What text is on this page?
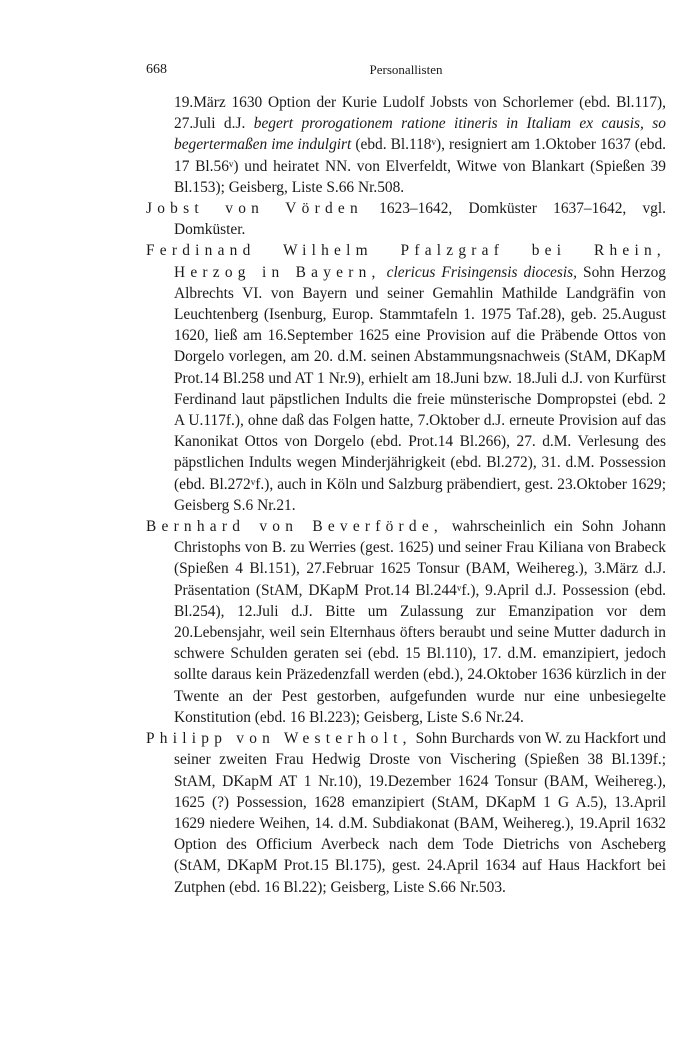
668	Personallisten

19.März 1630 Option der Kurie Ludolf Jobsts von Schorlemer (ebd. Bl.117), 27.Juli d.J. begert prorogationem ratione itineris in Italiam ex causis, so begertermaßen ime indulgirt (ebd. Bl.118ᵛ), resigniert am 1.Oktober 1637 (ebd. 17 Bl.56ᵛ) und heiratet NN. von Elverfeldt, Witwe von Blankart (Spießen 39 Bl.153); Geisberg, Liste S.66 Nr.508.

Jobst von Vörden 1623–1642, Domküster 1637–1642, vgl. Domküster.

Ferdinand Wilhelm Pfalzgraf bei Rhein, Herzog in Bayern, clericus Frisingensis diocesis, Sohn Herzog Albrechts VI. von Bayern und seiner Gemahlin Mathilde Landgräfin von Leuchtenberg (Isenburg, Europ. Stammtafeln 1. 1975 Taf.28), geb. 25.August 1620, ließ am 16.September 1625 eine Provision auf die Präbende Ottos von Dorgelo vorlegen, am 20. d.M. seinen Abstammungsnachweis (StAM, DKapM Prot.14 Bl.258 und AT 1 Nr.9), erhielt am 18.Juni bzw. 18.Juli d.J. von Kurfürst Ferdinand laut päpstlichen Indults die freie münsterische Dompropstei (ebd. 2 A U.117f.), ohne daß das Folgen hatte, 7.Oktober d.J. erneute Provision auf das Kanonikat Ottos von Dorgelo (ebd. Prot.14 Bl.266), 27. d.M. Verlesung des päpstlichen Indults wegen Minderjährigkeit (ebd. Bl.272), 31. d.M. Possession (ebd. Bl.272ᵛf.), auch in Köln und Salzburg präbendiert, gest. 23.Oktober 1629; Geisberg S.6 Nr.21.

Bernhard von Beverförde, wahrscheinlich ein Sohn Johann Christophs von B. zu Werries (gest. 1625) und seiner Frau Kiliana von Brabeck (Spießen 4 Bl.151), 27.Februar 1625 Tonsur (BAM, Weihereg.), 3.März d.J. Präsentation (StAM, DKapM Prot.14 Bl.244ᵛf.), 9.April d.J. Possession (ebd. Bl.254), 12.Juli d.J. Bitte um Zulassung zur Emanzipation vor dem 20.Lebensjahr, weil sein Elternhaus öfters beraubt und seine Mutter dadurch in schwere Schulden geraten sei (ebd. 15 Bl.110), 17. d.M. emanzipiert, jedoch sollte daraus kein Präzedenzfall werden (ebd.), 24.Oktober 1636 kürzlich in der Twente an der Pest gestorben, aufgefunden wurde nur eine unbesiegelte Konstitution (ebd. 16 Bl.223); Geisberg, Liste S.6 Nr.24.

Philipp von Westerholt, Sohn Burchards von W. zu Hackfort und seiner zweiten Frau Hedwig Droste von Vischering (Spießen 38 Bl.139f.; StAM, DKapM AT 1 Nr.10), 19.Dezember 1624 Tonsur (BAM, Weihereg.), 1625 (?) Possession, 1628 emanzipiert (StAM, DKapM 1 G A.5), 13.April 1629 niedere Weihen, 14. d.M. Subdiakonat (BAM, Weihereg.), 19.April 1632 Option des Officium Averbeck nach dem Tode Dietrichs von Ascheberg (StAM, DKapM Prot.15 Bl.175), gest. 24.April 1634 auf Haus Hackfort bei Zutphen (ebd. 16 Bl.22); Geisberg, Liste S.66 Nr.503.
